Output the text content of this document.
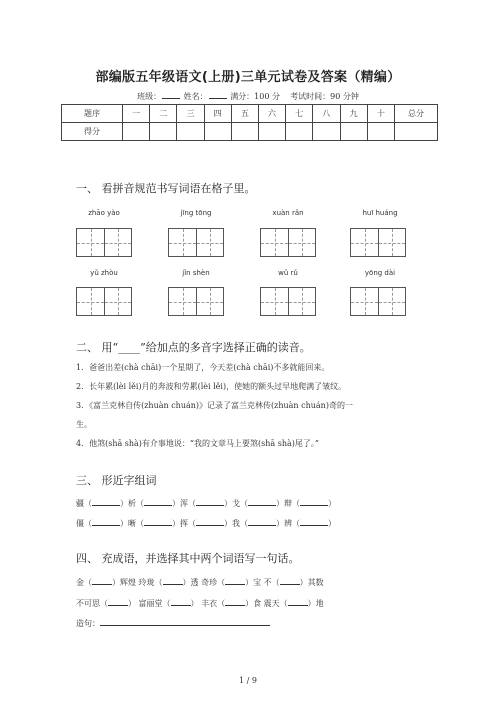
部编版五年级语文(上册)三单元试卷及答案（精编）
班级：	姓名：	满分：100 分 考试时间：90 分钟
题序	一	二	三	四	五	六	七	八	九	十	总分
得分											
一、 看拼音规范书写词语在格子里。
zhāo yào	jīng tōng	xuàn rǎn	huī huáng
yǔ zhòu	jǐn shèn	wǔ rǔ	yōng dài
二、 用“____”给加点的多音字选择正确的读音。
1．爸爸出差(chà chāi)一个星期了，今天差(chà chāi)不多就能回来。
2．长年累(lèi lěi)月的奔波和劳累(lèi lěi)，使她的额头过早地爬满了皱纹。
3．《富兰克林自传(zhuàn chuán)》记录了富兰克林传(zhuàn chuán)奇的一
生。
4．他煞(shā shà)有介事地说：“我的文章马上要煞(shā shà)尾了。”
三、 形近字组词
疆（	）析（	）浑（	）戈（	）辩（	）
僵（	）晰（	）挥（	）我（	）辨（	）
四、 充成语，并选择其中两个词语写一句话。
金（	）辉煌 玲珑（	）透 奇珍（	）宝 不（	）其数
不可思（	） 富丽堂（	） 丰衣（	）食 震天（	）地
造句：
1 / 9
